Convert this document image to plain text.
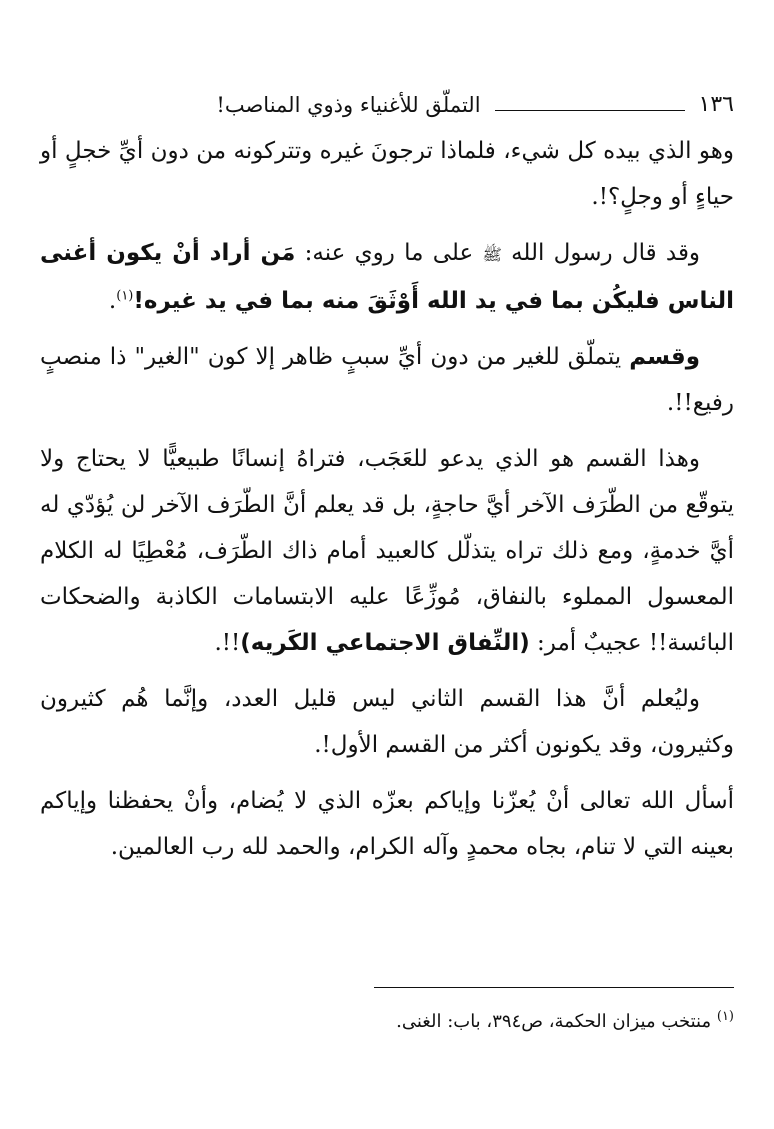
١٣٦
التملّق للأغنياء وذوي المناصب!

وهو الذي بيده كل شيء، فلماذا ترجونَ غيره وتتركونه من دون أيِّ خجلٍ أو حياءٍ أو وجلٍ؟!.

وقد قال رسول الله ﷺ على ما روي عنه: مَن أراد أنْ يكون أغنى الناس فليكُن بما في يد الله أَوْثَقَ منه بما في يد غيره!$^{(١)}$.

وقسم يتملّق للغير من دون أيِّ سببٍ ظاهر إلا كون "الغير" ذا منصبٍ رفيع!!.

وهذا القسم هو الذي يدعو للعَجَب، فتراهُ إنسانًا طبيعيًّا لا يحتاج ولا يتوقّع من الطّرَف الآخر أيَّ حاجةٍ، بل قد يعلم أنَّ الطّرَف الآخر لن يُؤدّي له أيَّ خدمةٍ، ومع ذلك تراه يتذلّل كالعبيد أمام ذاك الطّرَف، مُعْطِيًا له الكلام المعسول المملوء بالنفاق، مُوزِّعًا عليه الابتسامات الكاذبة والضحكات البائسة!! عجيبٌ أمر: (النِّفاق الاجتماعي الكَريه)!!.

وليُعلم أنَّ هذا القسم الثاني ليس قليل العدد، وإنَّما هُم كثيرون وكثيرون، وقد يكونون أكثر من القسم الأول!.

أسأل الله تعالى أنْ يُعزّنا وإياكم بعزّه الذي لا يُضام، وأنْ يحفظنا وإياكم بعينه التي لا تنام، بجاه محمدٍ وآله الكرام، والحمد لله رب العالمين.

$^{(١)}$ منتخب ميزان الحكمة، ص٣٩٤، باب: الغنى.
